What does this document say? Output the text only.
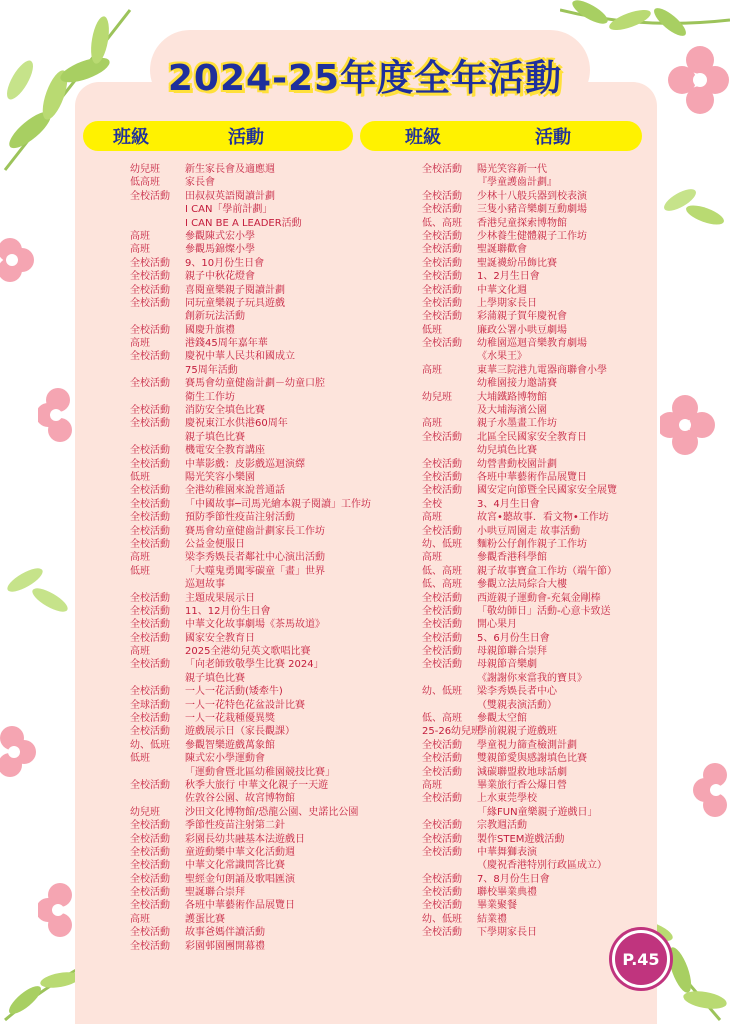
2024-25年度全年活動
班級	活動	班級	活動
幼兒班	新生家長會及適應週
低高班	家長會
全校活動 田叔叔英語閱讀計劃
I CAN「學前計劃」
I CAN BE A LEADER活動
高班	參觀陳式宏小學
高班	參觀馬錦燦小學
全校活動 9、10月份生日會
全校活動 親子中秋花燈會
全校活動 喜閱童樂親子閱讀計劃
全校活動 同玩童樂親子玩具遊戲
創新玩法活動
全校活動 國慶升旗禮
高班	港錢45周年嘉年華
全校活動 慶祝中華人民共和國成立
75周年活動
全校活動 賽馬會幼童健齒計劃－幼童口腔
衛生工作坊
全校活動 消防安全填色比賽
全校活動 慶祝東江水供港60周年
親子填色比賽
全校活動 機電安全教育講座
全校活動 中華影戲：皮影戲巡迴演繹
低班	陽光笑容小樂園
全校活動 全港幼稚園來說普通話
全校活動 「中國故事─司馬光繪本親子閱讀」工作坊
全校活動 預防季節性疫苗注射活動
全校活動 賽馬會幼童健齒計劃家長工作坊
全校活動 公益金便服日
高班	梁李秀娛長者鄰社中心演出活動
低班	「大噬鬼勇闖零碳童「畫」世界
巡迴故事
全校活動 主題成果展示日
全校活動 11、12月份生日會
全校活動 中華文化故事劇場《茶馬故道》
全校活動 國家安全教育日
高班	2025全港幼兒英文歌唱比賽
全校活動 「向老師致敬學生比賽 2024」
親子填色比賽
全校活動 一人一花活動(矮牽牛)
全球活動 一人一花特色花盆設計比賽
全校活動 一人一花栽種優異獎
全校活動 遊戲展示日（家長觀課）
幼、低班 參觀智樂遊戲萬象館
低班	陳式宏小學運動會
「運動會暨北區幼稚園競技比賽」
全校活動 秋季大旅行 中華文化親子一天遊
佐敦谷公園、故宮博物館
幼兒班	沙田文化博物館/恐龍公園、史諾比公園
全校活動 季節性疫苗注射第二針
全校活動 彩園長幼共融基本法遊戲日
全校活動 童遊動樂中華文化活動週
全校活動 中華文化常識問答比賽
全校活動 聖經金句朗誦及歌唱匯演
全校活動 聖誕聯合崇拜
全校活動 各班中華藝術作品展覽日
高班	護蛋比賽
全校活動 故事爸媽伴讀活動
全校活動 彩園邨園團開幕禮
全校活動 陽光笑容新一代
『學童護齒計劃』
全校活動 少林十八般兵器到校表演
全校活動 三隻小豬音樂劇互動劇場
低、高班 香港兒童探索博物館
全校活動 少林養生健體親子工作坊
全校活動 聖誕聯歡會
全校活動 聖誕襪紛吊飾比賽
全校活動 1、2月生日會
全校活動 中華文化週
全校活動 上學期家長日
全校活動 彩蒲親子賀年慶祝會
低班	廉政公署小哄豆劇場
全校活動 幼稚園巡迴音樂教育劇場
《水果王》
高班	東華三院港九電器商聯會小學
幼稚園接力邀請賽
幼兒班	大埔鐵路博物館
及大埔海濱公園
高班	親子水墨畫工作坊
全校活動 北區全民國家安全教育日
幼兒填色比賽
全校活動 幼營書動校園計劃
全校活動 各班中華藝術作品展覽日
全校活動 國安定向節暨全民國家安全展覽
全校	3、4月生日會
高班	故宮•聽故事．看文物•工作坊
全校活動 小哄豆周園走 故事活動
幼、低班 麵粉公仔創作親子工作坊
高班	參觀香港科學館
低、高班 親子故事寶盒工作坊（端午節）
低、高班 參觀立法局綜合大樓
全校活動 西遊親子運動會-充氣金剛棒
全校活動 「敬幼師日」活動-心意卡致送
全校活動 開心果月
全校活動 5、6月份生日會
全校活動 母親節聯合崇拜
全校活動 母親節音樂劇
《謝謝你來當我的寶貝》
幼、低班 梁李秀娛長者中心
（雙親表演活動）
低、高班 參觀太空館
25-26幼兒班
學前親親子遊戲班
全校活動 學童視力篩查檢測計劃
全校活動 雙親節愛與感謝填色比賽
全校活動 減碳聯盟救地球話劇
高班	畢業旅行香公爆日營
全校活動 上水東莞學校
「緣FUN童樂親子遊戲日」
全校活動 宗教週活動
全校活動 製作STEM遊戲活動
全校活動 中華舞獅表演
（慶祝香港特別行政區成立）
全校活動 7、8月份生日會
全校活動 聯校畢業典禮
全校活動 畢業聚餐
幼、低班 結業禮
全校活動 下學期家長日
P.45
